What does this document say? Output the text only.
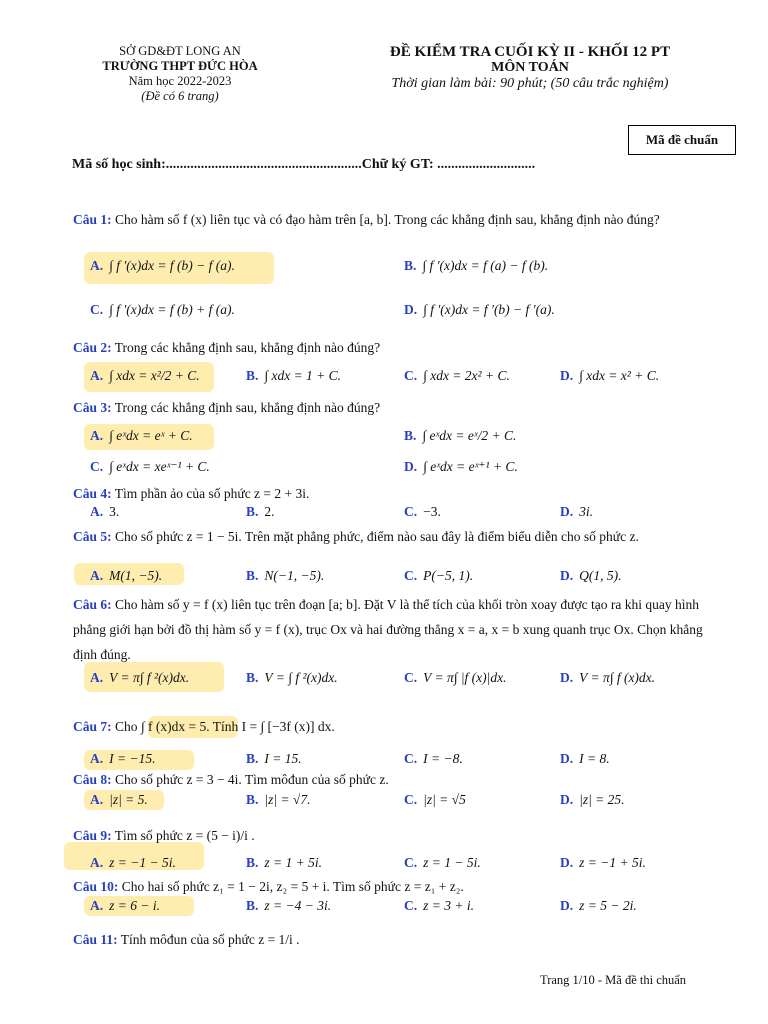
SỞ GD&ĐT LONG AN
TRƯỜNG THPT ĐỨC HÒA
Năm học 2022-2023
(Đề có 6 trang)
ĐỀ KIỂM TRA CUỐI KỲ II - KHỐI 12 PT
MÔN TOÁN
Thời gian làm bài: 90 phút; (50 câu trắc nghiệm)
Mã đề chuẩn
Mã số học sinh:........................................................Chữ ký GT: ............................
Câu 1: Cho hàm số f (x) liên tục và có đạo hàm trên [a, b]. Trong các khẳng định sau, khẳng định nào đúng?
A. ∫ f ′(x)dx = f (b) − f (a).	B. ∫ f ′(x)dx = f (a) − f (b).
C. ∫ f ′(x)dx = f (b) + f (a).	D. ∫ f ′(x)dx = f ′(b) − f ′(a).
Câu 2: Trong các khẳng định sau, khẳng định nào đúng?
A. ∫ xdx = x²/2 + C.	B. ∫ xdx = 1 + C.	C. ∫ xdx = 2x² + C.	D. ∫ xdx = x² + C.
Câu 3: Trong các khẳng định sau, khẳng định nào đúng?
A. ∫ eˣdx = eˣ + C.	B. ∫ eˣdx = eˣ/2 + C.
C. ∫ eˣdx = xeˣ⁻¹ + C.	D. ∫ eˣdx = eˣ⁺¹ + C.
Câu 4: Tìm phần ảo của số phức z = 2 + 3i.
A. 3.	B. 2.	C. −3.	D. 3i.
Câu 5: Cho số phức z = 1 − 5i. Trên mặt phẳng phức, điểm nào sau đây là điểm biểu diễn cho số phức z.
A. M(1, −5).	B. N(−1, −5).	C. P(−5, 1).	D. Q(1, 5).
Câu 6: Cho hàm số y = f (x) liên tục trên đoạn [a; b]. Đặt V là thể tích của khối tròn xoay được tạo ra khi quay hình phẳng giới hạn bởi đồ thị hàm số y = f (x), trục Ox và hai đường thẳng x = a, x = b xung quanh trục Ox. Chọn khẳng định đúng.
A. V = π∫ f ²(x)dx.	B. V = ∫ f ²(x)dx.	C. V = π∫ |f (x)|dx.	D. V = π∫ f (x)dx.
Câu 7: Cho ∫ f (x)dx = 5. Tính I = ∫ [−3f (x)] dx.
A. I = −15.	B. I = 15.	C. I = −8.	D. I = 8.
Câu 8: Cho số phức z = 3 − 4i. Tìm môđun của số phức z.
A. |z| = 5.	B. |z| = √7.	C. |z| = √5	D. |z| = 25.
Câu 9: Tìm số phức z = (5 − i)/i .
A. z = −1 − 5i.	B. z = 1 + 5i.	C. z = 1 − 5i.	D. z = −1 + 5i.
Câu 10: Cho hai số phức z₁ = 1 − 2i, z₂ = 5 + i. Tìm số phức z = z₁ + z₂.
A. z = 6 − i.	B. z = −4 − 3i.	C. z = 3 + i.	D. z = 5 − 2i.
Câu 11: Tính môđun của số phức z = 1/i .
Trang 1/10 - Mã đề thi chuẩn
